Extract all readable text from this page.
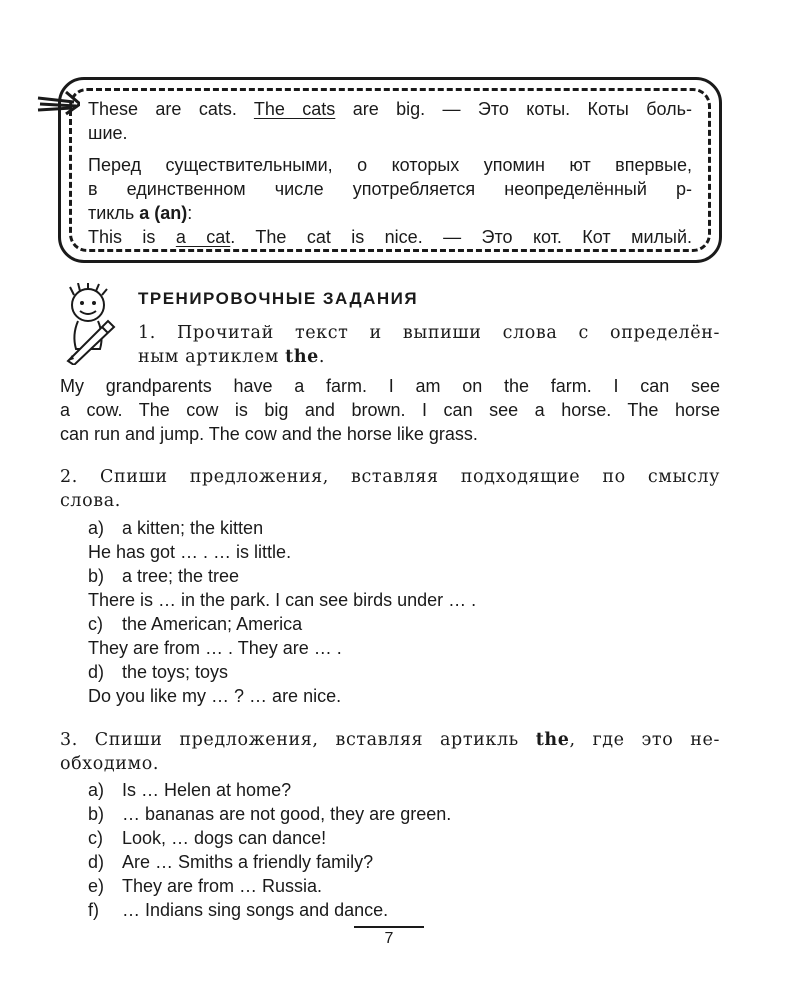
These are cats. The cats are big. — Это коты. Коты боль-

шие.

Перед существительными, о которых упомин ют впервые,

в единственном числе употребляется неопределённый р-

тикль a (an):

This is a cat. The cat is nice. — Это кот. Кот милый.

ТРЕНИРОВОЧНЫЕ ЗАДАНИЯ

1. Прочитай текст и выпиши слова с определён-

ным артиклем the.

My grandparents have a farm. I am on the farm. I can see

a cow. The cow is big and brown. I can see a horse. The horse

can run and jump. The cow and the horse like grass.

2. Спиши предложения, вставляя подходящие по смыслу

слова.

a) a kitten; the kitten
He has got … . … is little.
b) a tree; the tree
There is … in the park. I can see birds under … .
c)	the American; America
They are from … . They are … .
d) the toys; toys
Do you like my … ? … are nice.

3. Спиши предложения, вставляя артикль the, где это не-

обходимо.

a) Is … Helen at home?
b) … bananas are not good, they are green.
c)	Look, … dogs can dance!
d) Are … Smiths a friendly family?
e) They are from … Russia.
f)	… Indians sing songs and dance.
7
